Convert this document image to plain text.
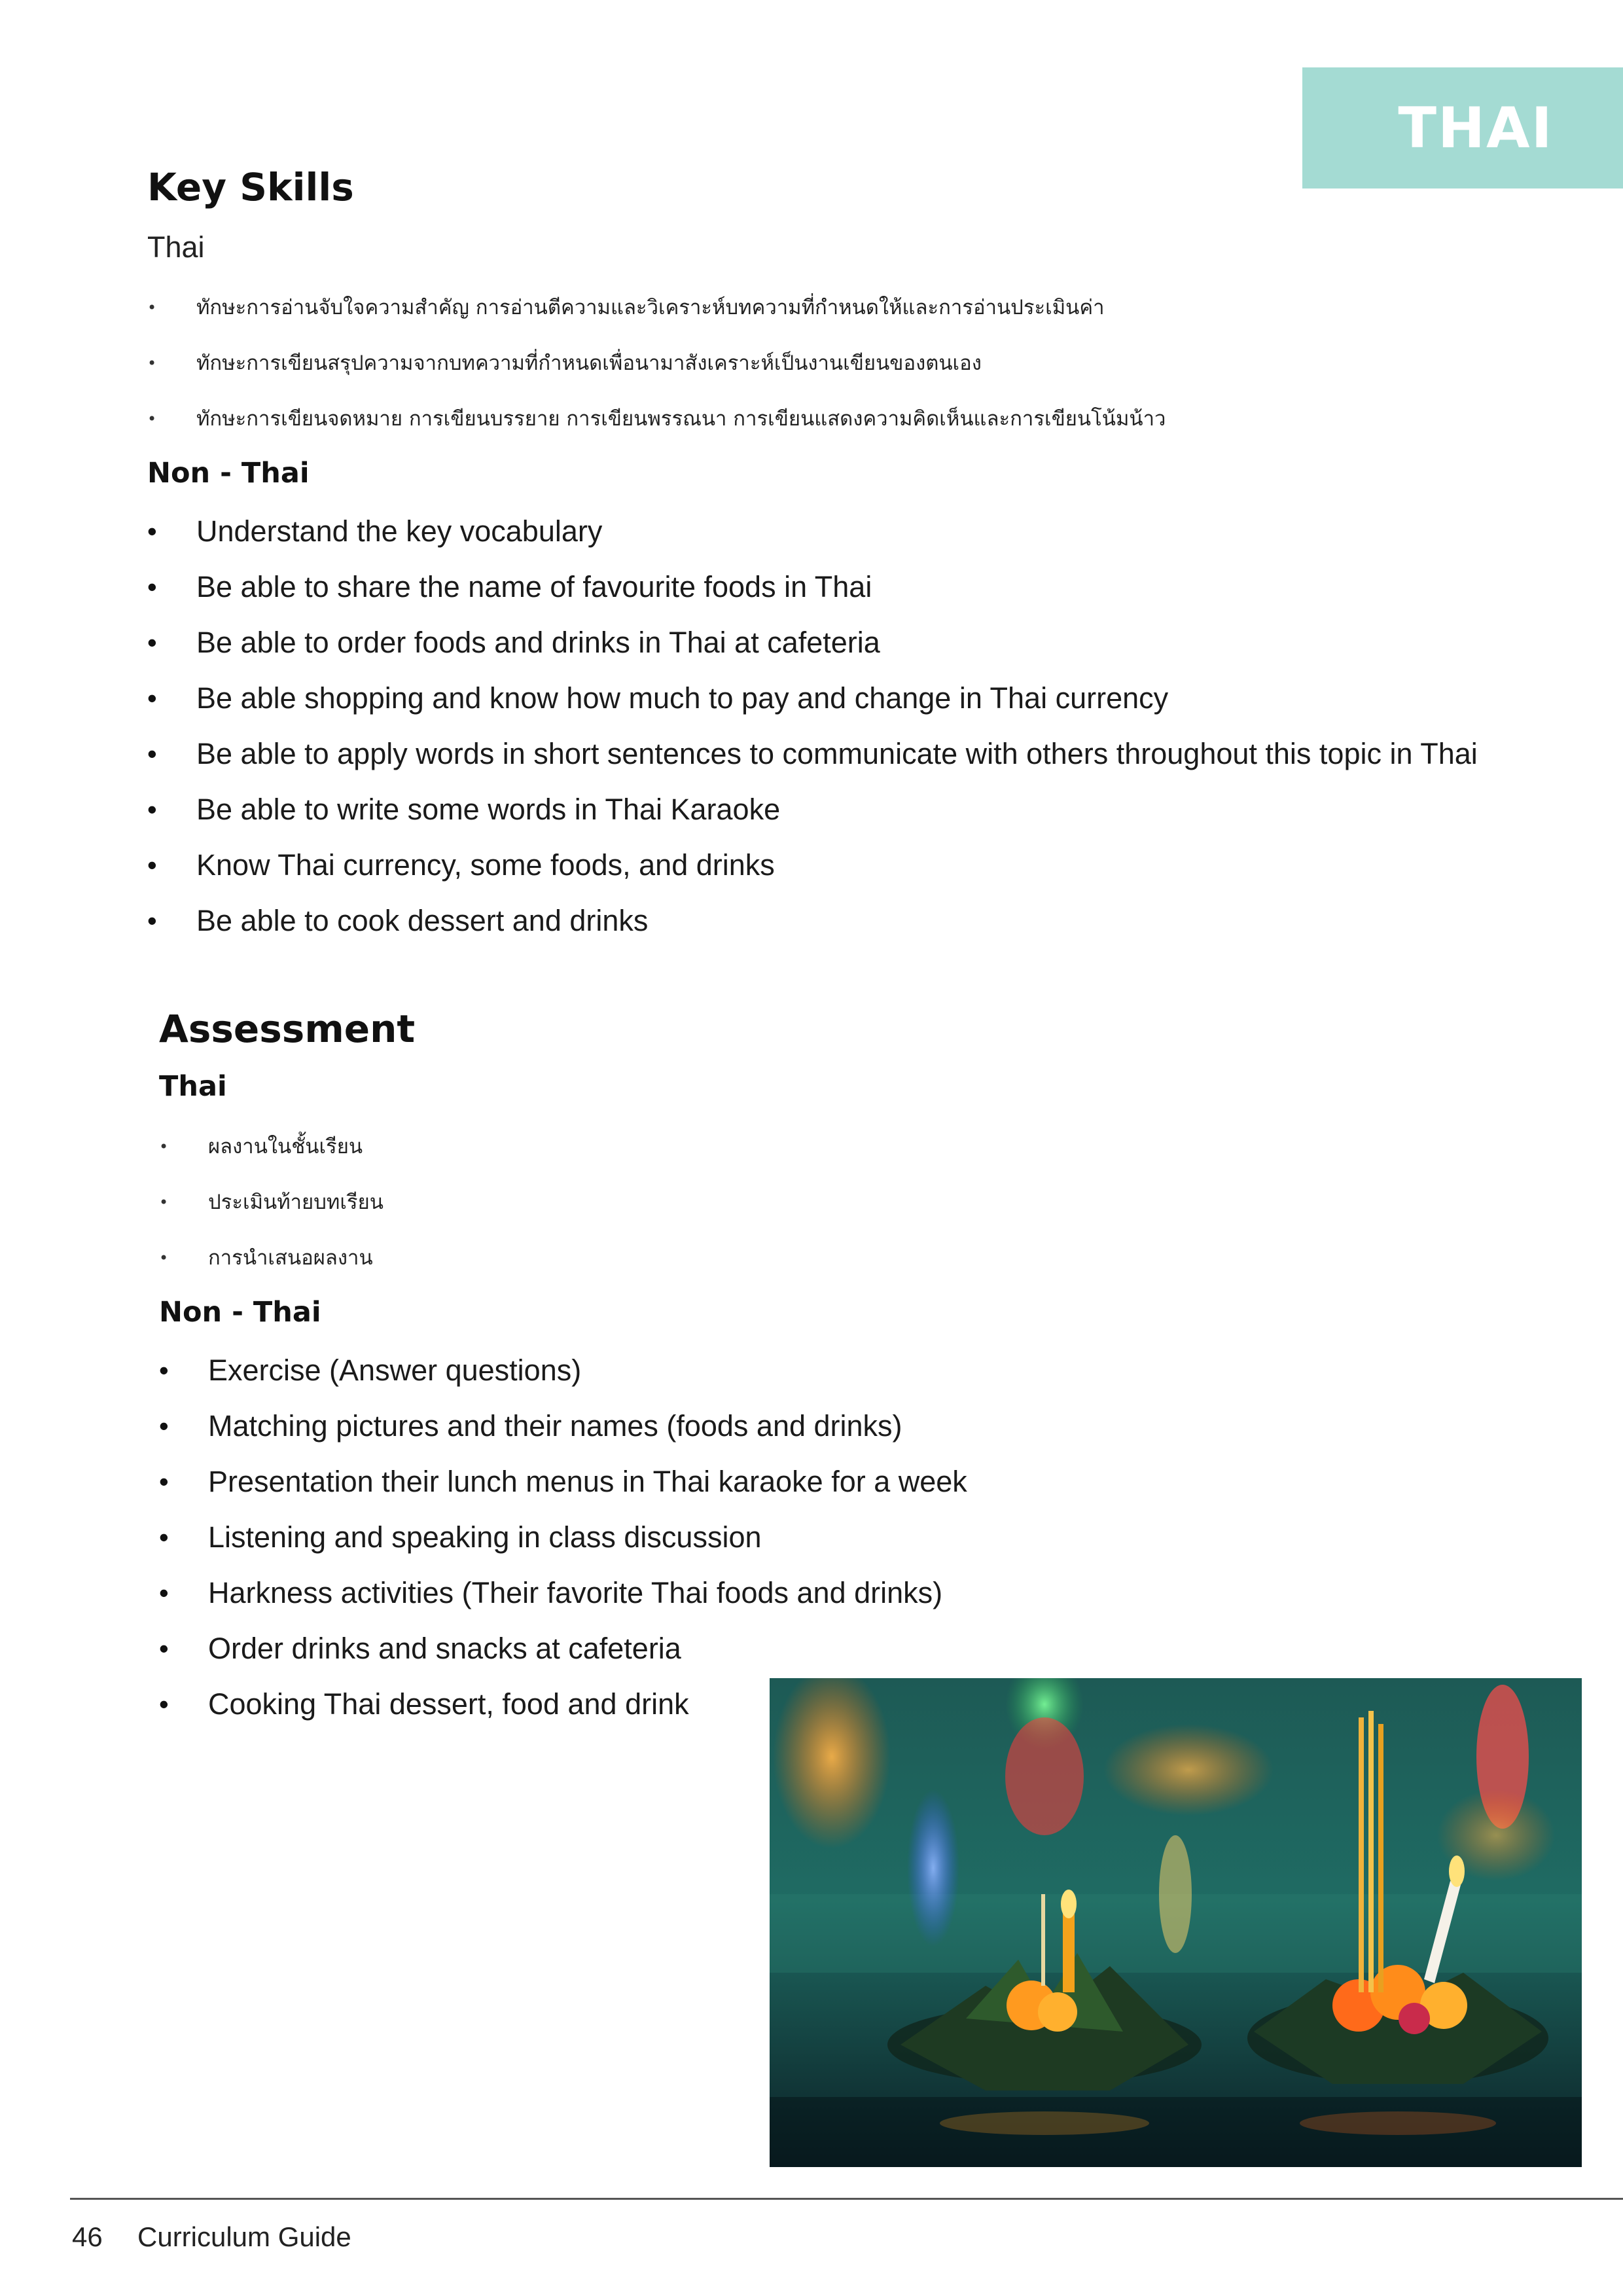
THAI
Key Skills
Thai
• ทักษะการอ่านจับใจความสำคัญ การอ่านตีความและวิเคราะห์บทความที่กำหนดให้และการอ่านประเมินค่า
• ทักษะการเขียนสรุปความจากบทความที่กำหนดเพื่อนามาสังเคราะห์เป็นงานเขียนของตนเอง
• ทักษะการเขียนจดหมาย การเขียนบรรยาย การเขียนพรรณนา การเขียนแสดงความคิดเห็นและการเขียนโน้มน้าว
Non - Thai
• Understand the key vocabulary
• Be able to share the name of favourite foods in Thai
• Be able to order foods and drinks in Thai at cafeteria
• Be able shopping and know how much to pay and change in Thai currency
• Be able to apply words in short sentences to communicate with others throughout this topic in Thai
• Be able to write some words in Thai Karaoke
• Know Thai currency, some foods, and drinks
• Be able to cook dessert and drinks
Assessment
Thai
• ผลงานในชั้นเรียน
• ประเมินท้ายบทเรียน
• การนำเสนอผลงาน
Non - Thai
• Exercise (Answer questions)
• Matching pictures and their names (foods and drinks)
• Presentation their lunch menus in Thai karaoke for a week
• Listening and speaking in class discussion
• Harkness activities (Their favorite Thai foods and drinks)
• Order drinks and snacks at cafeteria
• Cooking Thai dessert, food and drink
46 Curriculum Guide
